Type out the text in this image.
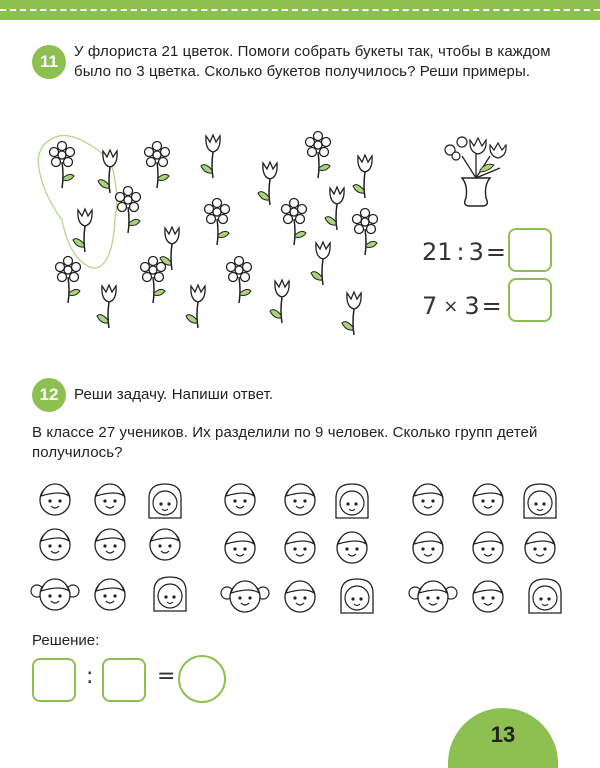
11
У флориста 21 цветок. Помоги собрать букеты так, чтобы в каждом было по 3 цветка. Сколько букетов получилось? Реши примеры.
21 : 3 =
7 × 3 =
12	Реши задачу. Напиши ответ.
В классе 27 учеников. Их разделили по 9 человек. Сколько групп детей получилось?
Решение:
:	=
13
